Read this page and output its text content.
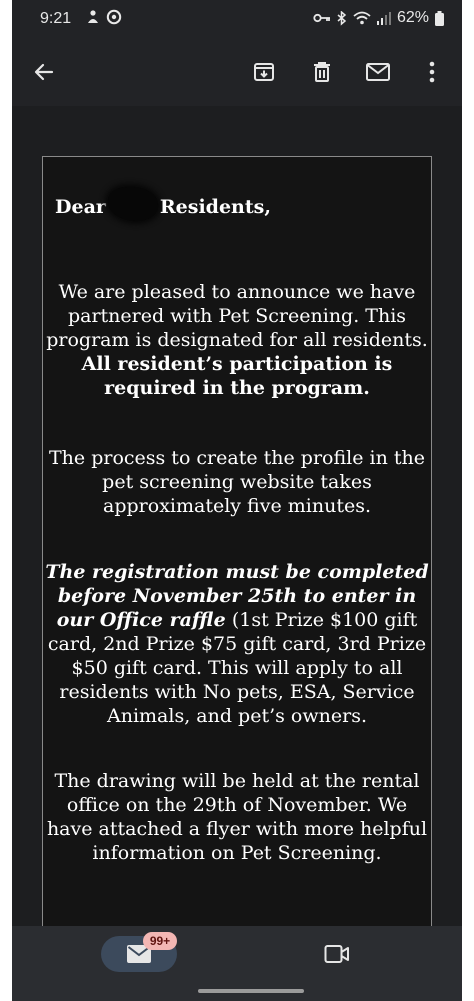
9:21	62%
Dear	Residents,
We are pleased to announce we have partnered with Pet Screening. This program is designated for all residents. All resident’s participation is required in the program.
The process to create the profile in the pet screening website takes approximately five minutes.
The registration must be completed before November 25th to enter in our Office raffle (1st Prize $100 gift card, 2nd Prize $75 gift card, 3rd Prize $50 gift card. This will apply to all residents with No pets, ESA, Service Animals, and pet’s owners.
The drawing will be held at the rental office on the 29th of November. We have attached a flyer with more helpful information on Pet Screening.
99+
